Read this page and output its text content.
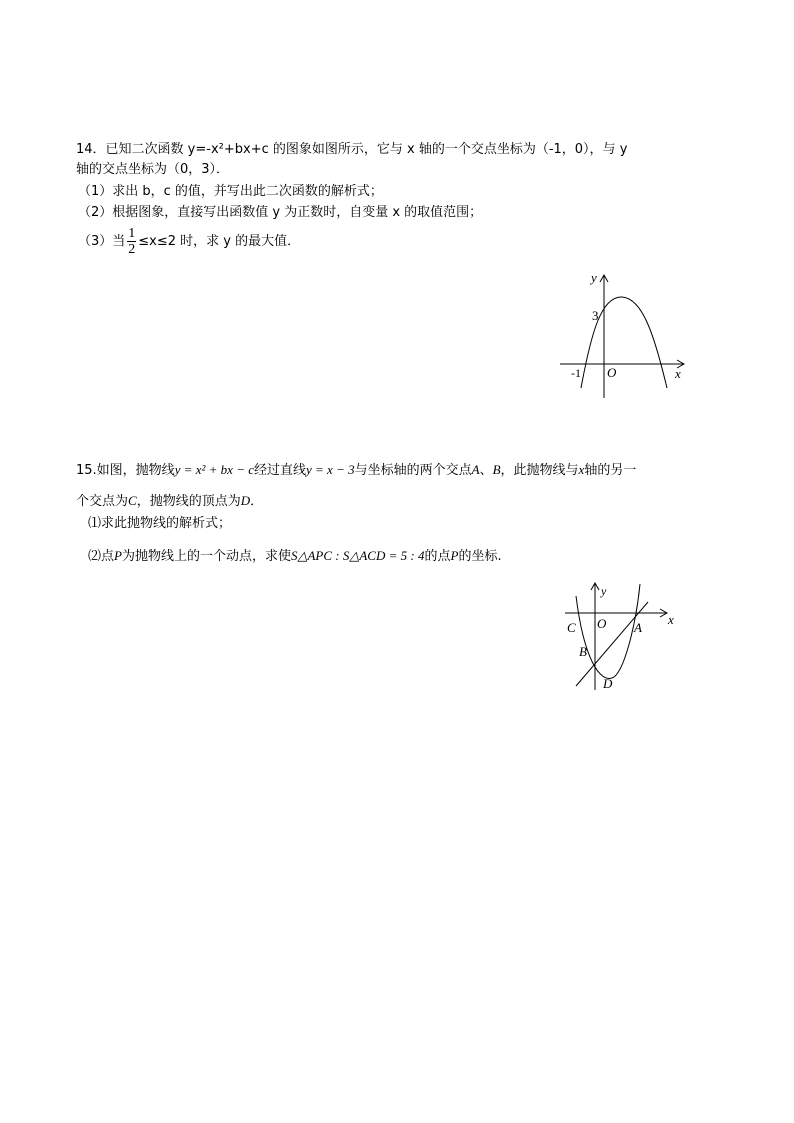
14．已知二次函数 y=-x²+bx+c 的图象如图所示，它与 x 轴的一个交点坐标为（-1，0），与 y
轴的交点坐标为（0，3）．
（1）求出 b，c 的值，并写出此二次函数的解析式；
（2）根据图象，直接写出函数值 y 为正数时，自变量 x 的取值范围；
（3）当 $\frac{1}{2} \le x\le 2$ 时，求 y 的最大值．
y
x
3
-1 O
15.如图，抛物线y = x² + bx − c经过直线y = x − 3与坐标轴的两个交点A、B，此抛物线与x轴的另一
个交点为C，抛物线的顶点为D．
⑴求此抛物线的解析式；
⑵点P为抛物线上的一个动点，求使S△APC : S△ACD = 5 : 4的点P的坐标.
y
x
C O A
B
D
